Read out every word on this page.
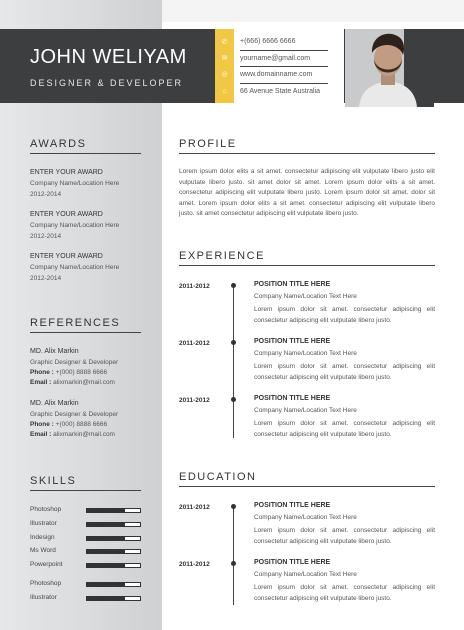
JOHN WELIYAM
DESIGNER & DEVELOPER
✆	+(666) 6666 6666
✉	yourname@gmail.com
◎	www.domainname.com
⌂	66 Avenue State Australia
AWARDS
ENTER YOUR AWARD
Company Name/Location Here
2012-2014
ENTER YOUR AWARD
Company Name/Location Here
2012-2014
ENTER YOUR AWARD
Company Name/Location Here
2012-2014
REFERENCES
MD. Alix Markin
Graphic Designer & Developer
Phone : +(000) 8888 6666
Email : alixmarkin@mail.com
MD. Alix Markin
Graphic Designer & Developer
Phone : +(000) 8888 6666
Email : alixmarkin@mail.com
SKILLS
Photoshop
Illustrator
Indesign
Ms Word
Powerpoint
Photoshop
Illustrator
PROFILE
Lorem ipsum dolor elits a sit amet. consectetur adipiscing elit vulputate libero justo elit vulputate libero justo. sit amet dolor sit amet. Lorem ipsum dolor elits a sit amet. consectetur adipiscing elit vulputate libero justo. Lorem ipsum dolor sit amet. dolor sit amet. Lorem ipsum dolor elits a sit amet. consectetur adipiscing elit vulputate libero justo. sit amet consectetur adipiscing elit vulputate libero justo.
EXPERIENCE
2011-2012	POSITION TITLE HERE
Company Name/Location Text Here
Lorem ipsum dolor sit amet. consectetur adipiscing elit consectetur adipiscing elit vulputate libero justo.
2011-2012	POSITION TITLE HERE
Company Name/Location Text Here
Lorem ipsum dolor sit amet. consectetur adipiscing elit consectetur adipiscing elit vulputate libero justo.
2011-2012	POSITION TITLE HERE
Company Name/Location Text Here
Lorem ipsum dolor sit amet. consectetur adipiscing elit consectetur adipiscing elit vulputate libero justo.
EDUCATION
2011-2012	POSITION TITLE HERE
Company Name/Location Text Here
Lorem ipsum dolor sit amet. consectetur adipiscing elit consectetur adipiscing elit vulputate libero justo.
2011-2012	POSITION TITLE HERE
Company Name/Location Text Here
Lorem ipsum dolor sit amet. consectetur adipiscing elit consectetur adipiscing elit vulputate libero justo.
